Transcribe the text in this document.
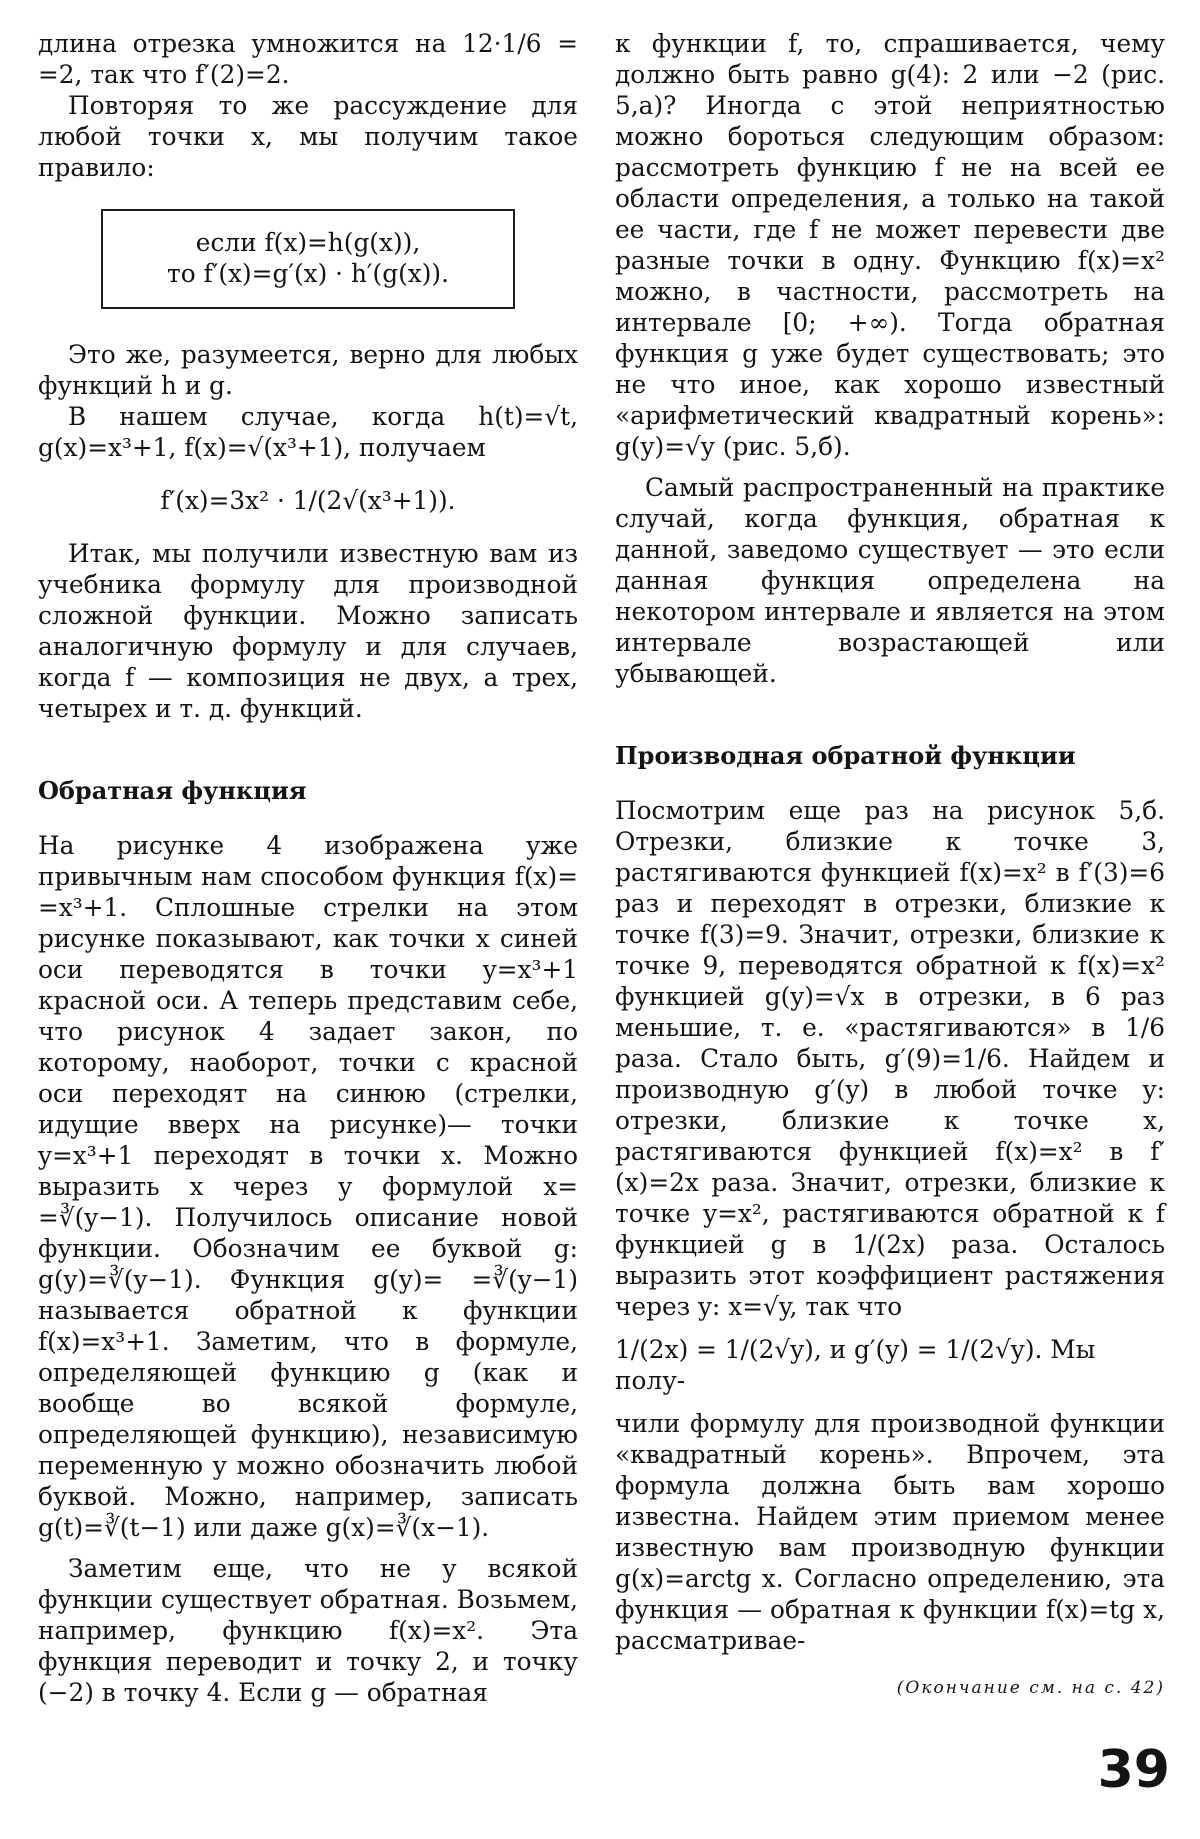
длина отрезка умножится на 12·1/6 = =2, так что f′(2)=2.

Повторяя то же рассуждение для любой точки x, мы получим такое правило:

если f(x)=h(g(x)),
то f′(x)=g′(x) · h′(g(x)).

Это же, разумеется, верно для любых функций h и g.

В нашем случае, когда h(t)=√t, g(x)=x³+1, f(x)=√(x³+1), получаем

f′(x)=3x² · 1/(2√(x³+1)).

Итак, мы получили известную вам из учебника формулу для производной сложной функции. Можно записать аналогичную формулу и для случаев, когда f — композиция не двух, а трех, четырех и т. д. функций.

Обратная функция

На рисунке 4 изображена уже привычным нам способом функция f(x)= =x³+1. Сплошные стрелки на этом рисунке показывают, как точки x синей оси переводятся в точки y=x³+1 красной оси. А теперь представим себе, что рисунок 4 задает закон, по которому, наоборот, точки с красной оси переходят на синюю (стрелки, идущие вверх на рисунке)— точки y=x³+1 переходят в точки x. Можно выразить x через y формулой x= =∛(y−1). Получилось описание новой функции. Обозначим ее буквой g: g(y)=∛(y−1). Функция g(y)= =∛(y−1) называется обратной к функции f(x)=x³+1. Заметим, что в формуле, определяющей функцию g (как и вообще во всякой формуле, определяющей функцию), независимую переменную y можно обозначить любой буквой. Можно, например, записать g(t)=∛(t−1) или даже g(x)=∛(x−1).

Заметим еще, что не у всякой функции существует обратная. Возьмем, например, функцию f(x)=x². Эта функция переводит и точку 2, и точку (−2) в точку 4. Если g — обратная

к функции f, то, спрашивается, чему должно быть равно g(4): 2 или −2 (рис. 5,а)? Иногда с этой неприятностью можно бороться следующим образом: рассмотреть функцию f не на всей ее области определения, а только на такой ее части, где f не может перевести две разные точки в одну. Функцию f(x)=x² можно, в частности, рассмотреть на интервале [0; +∞). Тогда обратная функция g уже будет существовать; это не что иное, как хорошо известный «арифметический квадратный корень»: g(y)=√y (рис. 5,б).

Самый распространенный на практике случай, когда функция, обратная к данной, заведомо существует — это если данная функция определена на некотором интервале и является на этом интервале возрастающей или убывающей.

Производная обратной функции

Посмотрим еще раз на рисунок 5,б. Отрезки, близкие к точке 3, растягиваются функцией f(x)=x² в f′(3)=6 раз и переходят в отрезки, близкие к точке f(3)=9. Значит, отрезки, близкие к точке 9, переводятся обратной к f(x)=x² функцией g(y)=√x в отрезки, в 6 раз меньшие, т. е. «растягиваются» в 1/6 раза. Стало быть, g′(9)=1/6. Найдем и производную g′(y) в любой точке y: отрезки, близкие к точке x, растягиваются функцией f(x)=x² в f′(x)=2x раза. Значит, отрезки, близкие к точке y=x², растягиваются обратной к f функцией g в 1/(2x) раза. Осталось выразить этот коэффициент растяжения через y: x=√y, так что

1/(2x) = 1/(2√y), и g′(y) = 1/(2√y). Мы полу-

чили формулу для производной функции «квадратный корень». Впрочем, эта формула должна быть вам хорошо известна. Найдем этим приемом менее известную вам производную функции g(x)=arctg x. Согласно определению, эта функция — обратная к функции f(x)=tg x, рассматривае-

(Окончание см. на с. 42)
39
